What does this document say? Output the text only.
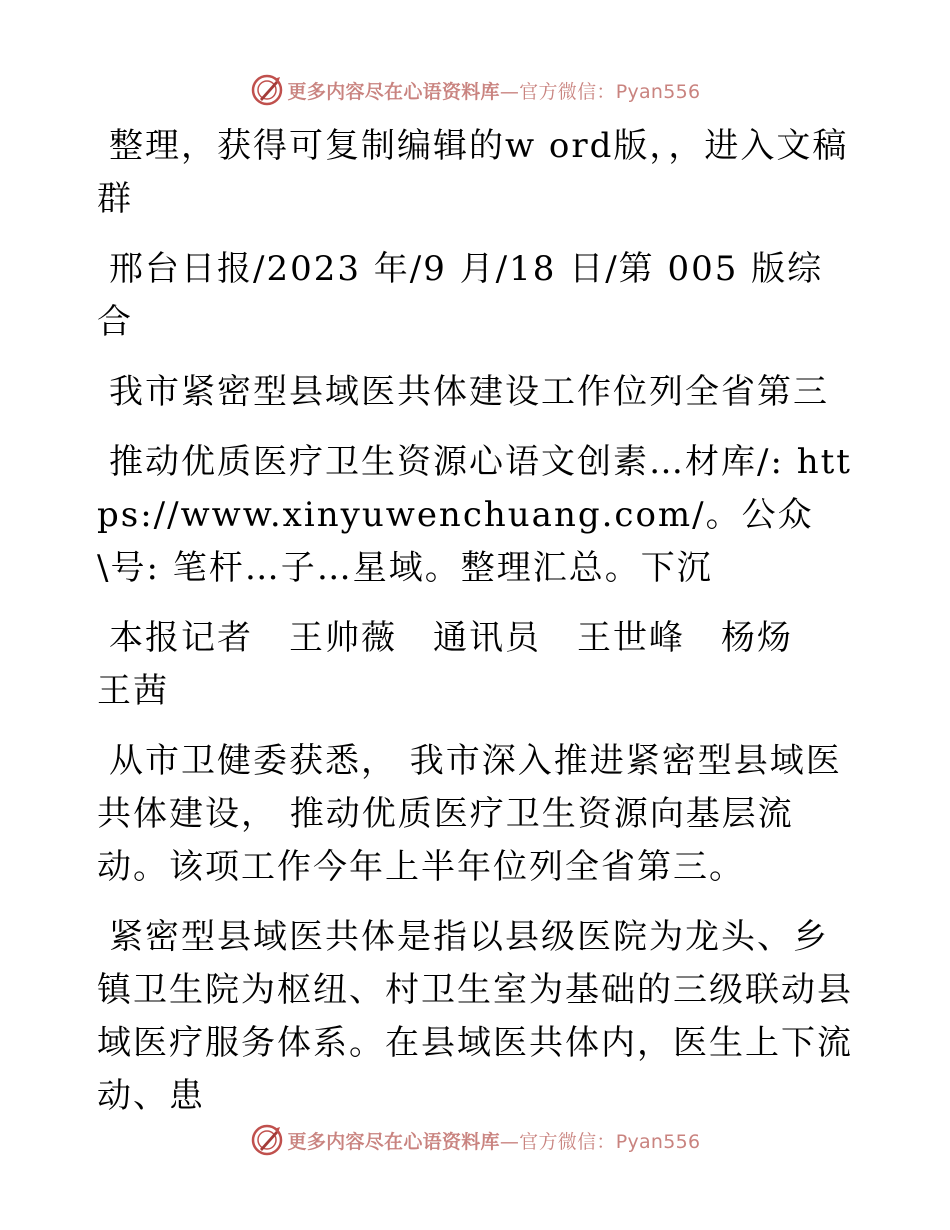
更多内容尽在心语资料库—官方微信：Pyan556

整理，获得可复制编辑的w ord版，，进入文稿群

邢台日报/2023 年/9 月/18 日/第 005 版综合

我市紧密型县域医共体建设工作位列全省第三

推动优质医疗卫生资源心语文创素…材库/: https://www.xinyuwenchuang.com/。公众\号: 笔杆…子…星域。整理汇总。下沉

本报记者　王帅薇　通讯员　王世峰　杨炀　王茜

从市卫健委获悉， 我市深入推进紧密型县域医共体建设， 推动优质医疗卫生资源向基层流动。该项工作今年上半年位列全省第三。

紧密型县域医共体是指以县级医院为龙头、乡镇卫生院为枢纽、村卫生室为基础的三级联动县域医疗服务体系。在县域医共体内，医生上下流动、患

更多内容尽在心语资料库—官方微信：Pyan556
